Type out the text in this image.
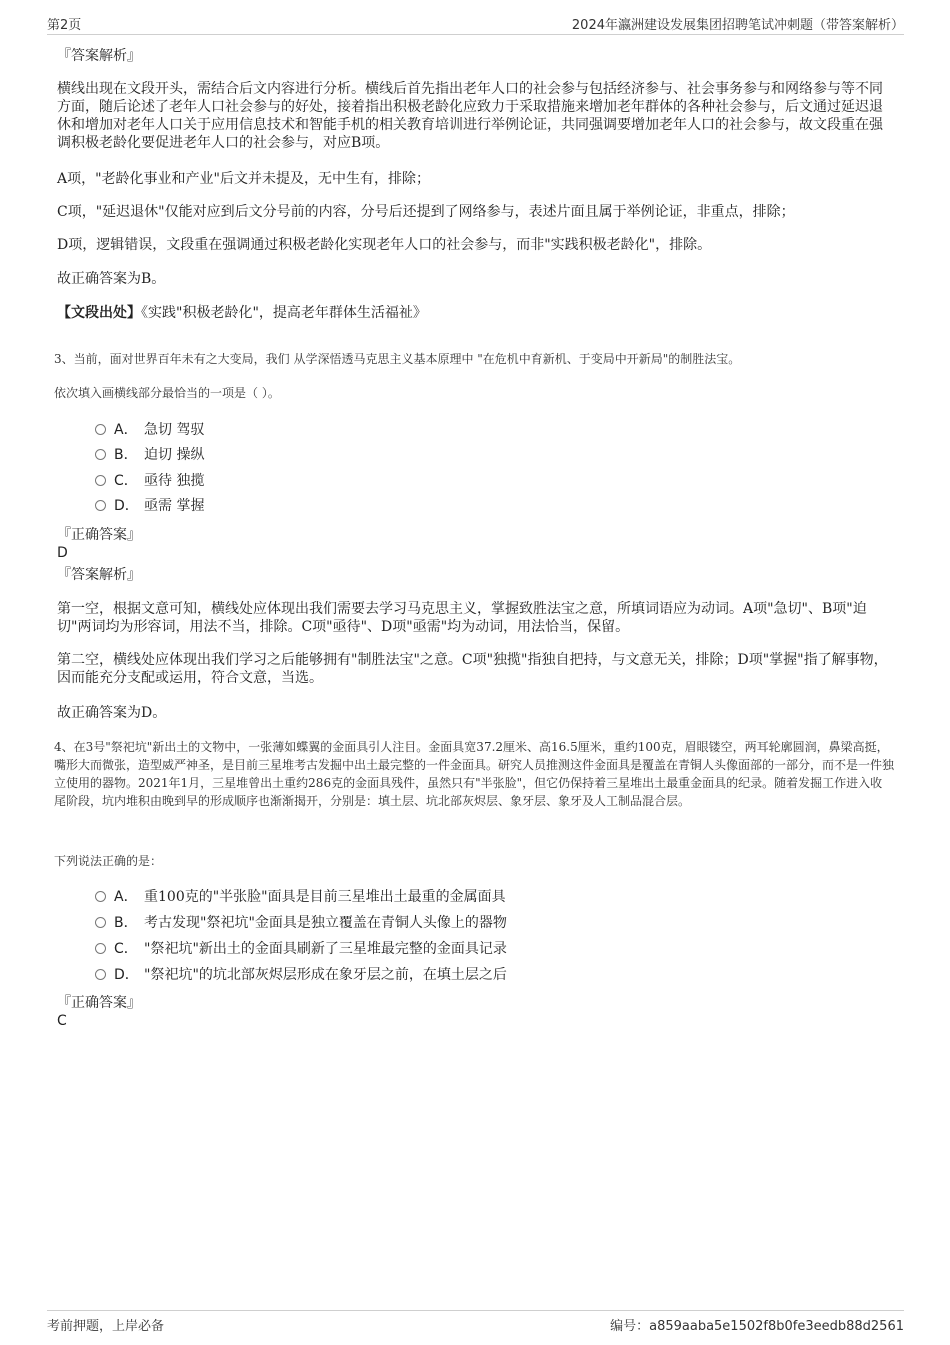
第2页	2024年瀛洲建设发展集团招聘笔试冲刺题（带答案解析）
『答案解析』
横线出现在文段开头，需结合后文内容进行分析。横线后首先指出老年人口的社会参与包括经济参与、社会事务参与和网络参与等不同方面，随后论述了老年人口社会参与的好处，接着指出积极老龄化应致力于采取措施来增加老年群体的各种社会参与，后文通过延迟退休和增加对老年人口关于应用信息技术和智能手机的相关教育培训进行举例论证，共同强调要增加老年人口的社会参与，故文段重在强调积极老龄化要促进老年人口的社会参与，对应B项。
A项，"老龄化事业和产业"后文并未提及，无中生有，排除；
C项，"延迟退休"仅能对应到后文分号前的内容，分号后还提到了网络参与，表述片面且属于举例论证，非重点，排除；
D项，逻辑错误，文段重在强调通过积极老龄化实现老年人口的社会参与，而非"实践积极老龄化"，排除。
故正确答案为B。
【文段出处】《实践"积极老龄化"，提高老年群体生活福祉》
3、当前，面对世界百年未有之大变局，我们 从学深悟透马克思主义基本原理中 "在危机中育新机、于变局中开新局"的制胜法宝。
依次填入画横线部分最恰当的一项是（ ）。
A． 急切 驾驭
B． 迫切 操纵
C． 亟待 独揽
D． 亟需 掌握
『正确答案』
D
『答案解析』
第一空，根据文意可知，横线处应体现出我们需要去学习马克思主义，掌握致胜法宝之意，所填词语应为动词。A项"急切"、B项"迫切"两词均为形容词，用法不当，排除。C项"亟待"、D项"亟需"均为动词，用法恰当，保留。
第二空，横线处应体现出我们学习之后能够拥有"制胜法宝"之意。C项"独揽"指独自把持，与文意无关，排除；D项"掌握"指了解事物，因而能充分支配或运用，符合文意，当选。
故正确答案为D。
4、在3号"祭祀坑"新出土的文物中，一张薄如蝶翼的金面具引人注目。金面具宽37.2厘米、高16.5厘米，重约100克，眉眼镂空，两耳轮廓圆润，鼻梁高挺，嘴形大而微张，造型威严神圣，是目前三星堆考古发掘中出土最完整的一件金面具。研究人员推测这件金面具是覆盖在青铜人头像面部的一部分，而不是一件独立使用的器物。2021年1月，三星堆曾出土重约286克的金面具残件，虽然只有"半张脸"，但它仍保持着三星堆出土最重金面具的纪录。随着发掘工作进入收尾阶段，坑内堆积由晚到早的形成顺序也渐渐揭开，分别是：填土层、坑北部灰烬层、象牙层、象牙及人工制品混合层。
下列说法正确的是：
A． 重100克的"半张脸"面具是目前三星堆出土最重的金属面具
B． 考古发现"祭祀坑"金面具是独立覆盖在青铜人头像上的器物
C． "祭祀坑"新出土的金面具刷新了三星堆最完整的金面具记录
D． "祭祀坑"的坑北部灰烬层形成在象牙层之前，在填土层之后
『正确答案』
C
考前押题，上岸必备	编号：a859aaba5e1502f8b0fe3eedb88d2561
